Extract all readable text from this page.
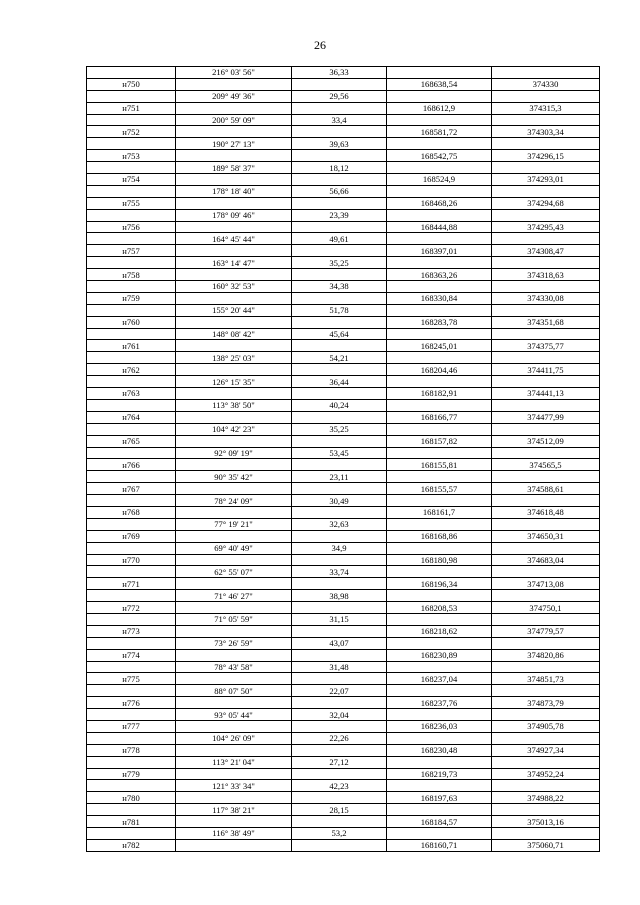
26
	216° 03' 56"	36,33		
н750			168638,54	374330
	209° 49' 36"	29,56		
н751			168612,9	374315,3
	200° 59' 09"	33,4		
н752			168581,72	374303,34
	190° 27' 13"	39,63		
н753			168542,75	374296,15
	189° 58' 37"	18,12		
н754			168524,9	374293,01
	178° 18' 40"	56,66		
н755			168468,26	374294,68
	178° 09' 46"	23,39		
н756			168444,88	374295,43
	164° 45' 44"	49,61		
н757			168397,01	374308,47
	163° 14' 47"	35,25		
н758			168363,26	374318,63
	160° 32' 53"	34,38		
н759			168330,84	374330,08
	155° 20' 44"	51,78		
н760			168283,78	374351,68
	148° 08' 42"	45,64		
н761			168245,01	374375,77
	138° 25' 03"	54,21		
н762			168204,46	374411,75
	126° 15' 35"	36,44		
н763			168182,91	374441,13
	113° 38' 50"	40,24		
н764			168166,77	374477,99
	104° 42' 23"	35,25		
н765			168157,82	374512,09
	92° 09' 19"	53,45		
н766			168155,81	374565,5
	90° 35' 42"	23,11		
н767			168155,57	374588,61
	78° 24' 09"	30,49		
н768			168161,7	374618,48
	77° 19' 21"	32,63		
н769			168168,86	374650,31
	69° 40' 49"	34,9		
н770			168180,98	374683,04
	62° 55' 07"	33,74		
н771			168196,34	374713,08
	71° 46' 27"	38,98		
н772			168208,53	374750,1
	71° 05' 59"	31,15		
н773			168218,62	374779,57
	73° 26' 59"	43,07		
н774			168230,89	374820,86
	78° 43' 58"	31,48		
н775			168237,04	374851,73
	88° 07' 50"	22,07		
н776			168237,76	374873,79
	93° 05' 44"	32,04		
н777			168236,03	374905,78
	104° 26' 09"	22,26		
н778			168230,48	374927,34
	113° 21' 04"	27,12		
н779			168219,73	374952,24
	121° 33' 34"	42,23		
н780			168197,63	374988,22
	117° 38' 21"	28,15		
н781			168184,57	375013,16
	116° 38' 49"	53,2		
н782			168160,71	375060,71
